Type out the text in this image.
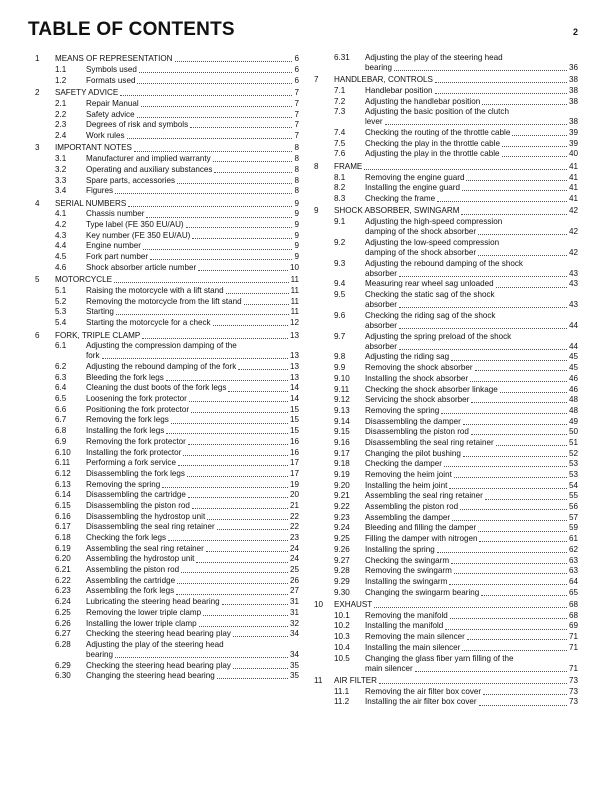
TABLE OF CONTENTS	2
1	MEANS OF REPRESENTATION	6
1.1	Symbols used	6
1.2	Formats used	6
2	SAFETY ADVICE	7
2.1	Repair Manual	7
2.2	Safety advice	7
2.3	Degrees of risk and symbols	7
2.4	Work rules	7
3	IMPORTANT NOTES	8
3.1	Manufacturer and implied warranty	8
3.2	Operating and auxiliary substances	8
3.3	Spare parts, accessories	8
3.4	Figures	8
4	SERIAL NUMBERS	9
4.1	Chassis number	9
4.2	Type label (FE 350 EU/AU)	9
4.3	Key number (FE 350 EU/AU)	9
4.4	Engine number	9
4.5	Fork part number	9
4.6	Shock absorber article number	10
5	MOTORCYCLE	11
5.1	Raising the motorcycle with a lift stand	11
5.2	Removing the motorcycle from the lift stand	11
5.3	Starting	11
5.4	Starting the motorcycle for a check	12
6	FORK, TRIPLE CLAMP	13
6.1	Adjusting the compression damping of the
fork	13
6.2	Adjusting the rebound damping of the fork	13
6.3	Bleeding the fork legs	13
6.4	Cleaning the dust boots of the fork legs	14
6.5	Loosening the fork protector	14
6.6	Positioning the fork protector	15
6.7	Removing the fork legs	15
6.8	Installing the fork legs	15
6.9	Removing the fork protector	16
6.10	Installing the fork protector	16
6.11	Performing a fork service	17
6.12	Disassembling the fork legs	17
6.13	Removing the spring	19
6.14	Disassembling the cartridge	20
6.15	Disassembling the piston rod	21
6.16	Disassembling the hydrostop unit	22
6.17	Disassembling the seal ring retainer	22
6.18	Checking the fork legs	23
6.19	Assembling the seal ring retainer	24
6.20	Assembling the hydrostop unit	24
6.21	Assembling the piston rod	25
6.22	Assembling the cartridge	26
6.23	Assembling the fork legs	27
6.24	Lubricating the steering head bearing	31
6.25	Removing the lower triple clamp	31
6.26	Installing the lower triple clamp	32
6.27	Checking the steering head bearing play	34
6.28	Adjusting the play of the steering head
bearing	34
6.29	Checking the steering head bearing play	35
6.30	Changing the steering head bearing	35
6.31	Adjusting the play of the steering head
bearing	36
7	HANDLEBAR, CONTROLS	38
7.1	Handlebar position	38
7.2	Adjusting the handlebar position	38
7.3	Adjusting the basic position of the clutch
lever	38
7.4	Checking the routing of the throttle cable	39
7.5	Checking the play in the throttle cable	39
7.6	Adjusting the play in the throttle cable	40
8	FRAME	41
8.1	Removing the engine guard	41
8.2	Installing the engine guard	41
8.3	Checking the frame	41
9	SHOCK ABSORBER, SWINGARM	42
9.1	Adjusting the high-speed compression
damping of the shock absorber	42
9.2	Adjusting the low-speed compression
damping of the shock absorber	42
9.3	Adjusting the rebound damping of the shock
absorber	43
9.4	Measuring rear wheel sag unloaded	43
9.5	Checking the static sag of the shock
absorber	43
9.6	Checking the riding sag of the shock
absorber	44
9.7	Adjusting the spring preload of the shock
absorber	44
9.8	Adjusting the riding sag	45
9.9	Removing the shock absorber	45
9.10	Installing the shock absorber	46
9.11	Checking the shock absorber linkage	46
9.12	Servicing the shock absorber	48
9.13	Removing the spring	48
9.14	Disassembling the damper	49
9.15	Disassembling the piston rod	50
9.16	Disassembling the seal ring retainer	51
9.17	Changing the pilot bushing	52
9.18	Checking the damper	53
9.19	Removing the heim joint	53
9.20	Installing the heim joint	54
9.21	Assembling the seal ring retainer	55
9.22	Assembling the piston rod	56
9.23	Assembling the damper	57
9.24	Bleeding and filling the damper	59
9.25	Filling the damper with nitrogen	61
9.26	Installing the spring	62
9.27	Checking the swingarm	63
9.28	Removing the swingarm	63
9.29	Installing the swingarm	64
9.30	Changing the swingarm bearing	65
10	EXHAUST	68
10.1	Removing the manifold	68
10.2	Installing the manifold	69
10.3	Removing the main silencer	71
10.4	Installing the main silencer	71
10.5	Changing the glass fiber yarn filling of the
main silencer	71
11	AIR FILTER	73
11.1	Removing the air filter box cover	73
11.2	Installing the air filter box cover	73
